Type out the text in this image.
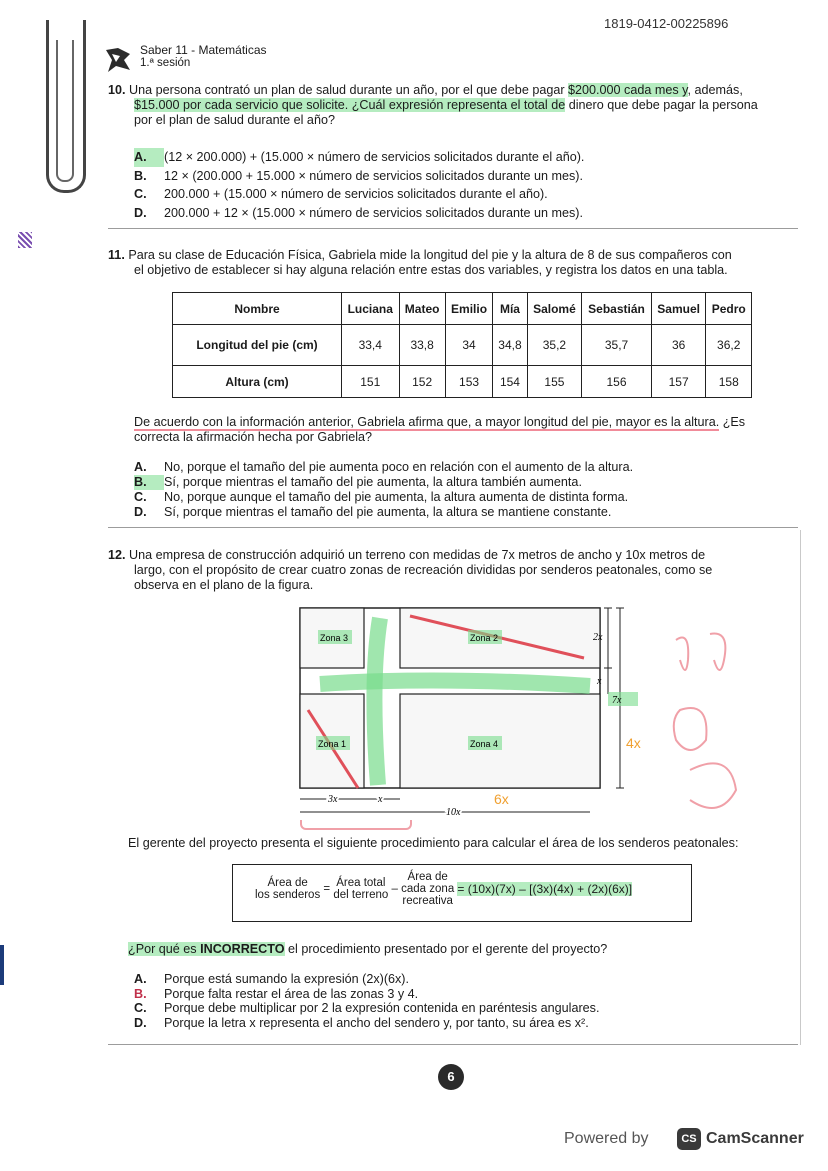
1819-0412-00225896
Saber 11 - Matemáticas
1.ª sesión
10. Una persona contrató un plan de salud durante un año, por el que debe pagar $200.000 cada mes y, además,
$15.000 por cada servicio que solicite. ¿Cuál expresión representa el total de dinero que debe pagar la persona
por el plan de salud durante el año?
A. (12 × 200.000) + (15.000 × número de servicios solicitados durante el año).
B. 12 × (200.000 + 15.000 × número de servicios solicitados durante un mes).
C. 200.000 + (15.000 × número de servicios solicitados durante el año).
D. 200.000 + 12 × (15.000 × número de servicios solicitados durante un mes).
11. Para su clase de Educación Física, Gabriela mide la longitud del pie y la altura de 8 de sus compañeros con
el objetivo de establecer si hay alguna relación entre estas dos variables, y registra los datos en una tabla.
Nombre	Luciana	Mateo	Emilio	Mía	Salomé	Sebastián	Samuel	Pedro
Longitud del pie (cm)	33,4	33,8	34	34,8	35,2	35,7	36	36,2
Altura (cm)	151	152	153	154	155	156	157	158
De acuerdo con la información anterior, Gabriela afirma que, a mayor longitud del pie, mayor es la altura. ¿Es
correcta la afirmación hecha por Gabriela?
A. No, porque el tamaño del pie aumenta poco en relación con el aumento de la altura.
B. Sí, porque mientras el tamaño del pie aumenta, la altura también aumenta.
C. No, porque aunque el tamaño del pie aumenta, la altura aumenta de distinta forma.
D. Sí, porque mientras el tamaño del pie aumenta, la altura se mantiene constante.
12. Una empresa de construcción adquirió un terreno con medidas de 7x metros de ancho y 10x metros de
largo, con el propósito de crear cuatro zonas de recreación divididas por senderos peatonales, como se
observa en el plano de la figura.
Zona 3	Zona 2
Zona 1	Zona 4
2x
x
7x
3x	x
10x
6x
4x
El gerente del proyecto presenta el siguiente procedimiento para calcular el área de los senderos peatonales:
Área de
los senderos = Área total
del terreno –
Área de
cada zona
recreativa
= (10x)(7x) – [(3x)(4x) + (2x)(6x)]
¿Por qué es INCORRECTO el procedimiento presentado por el gerente del proyecto?
A. Porque está sumando la expresión (2x)(6x).
B. Porque falta restar el área de las zonas 3 y 4.
C. Porque debe multiplicar por 2 la expresión contenida en paréntesis angulares.
D. Porque la letra x representa el ancho del sendero y, por tanto, su área es x².
6
Powered by	CS CamScanner
